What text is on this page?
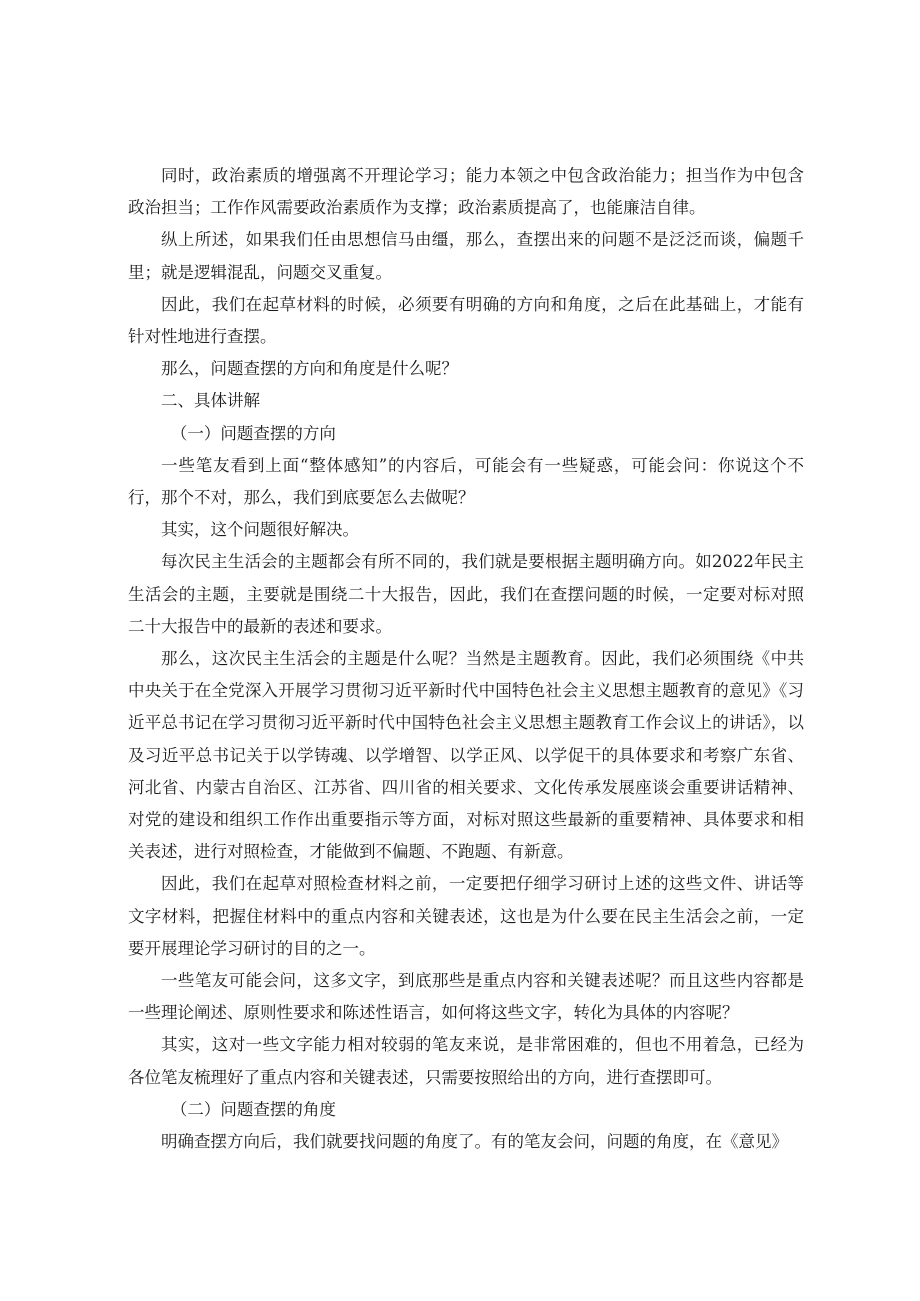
同时，政治素质的增强离不开理论学习；能力本领之中包含政治能力；担当作为中包含政治担当；工作作风需要政治素质作为支撑；政治素质提高了，也能廉洁自律。

纵上所述，如果我们任由思想信马由缰，那么，查摆出来的问题不是泛泛而谈，偏题千里；就是逻辑混乱，问题交叉重复。

因此，我们在起草材料的时候，必须要有明确的方向和角度，之后在此基础上，才能有针对性地进行查摆。

那么，问题查摆的方向和角度是什么呢？

二、具体讲解

（一）问题查摆的方向

一些笔友看到上面“整体感知”的内容后，可能会有一些疑惑，可能会问：你说这个不行，那个不对，那么，我们到底要怎么去做呢？

其实，这个问题很好解决。

每次民主生活会的主题都会有所不同的，我们就是要根据主题明确方向。如2022年民主生活会的主题，主要就是围绕二十大报告，因此，我们在查摆问题的时候，一定要对标对照二十大报告中的最新的表述和要求。

那么，这次民主生活会的主题是什么呢？当然是主题教育。因此，我们必须围绕《中共中央关于在全党深入开展学习贯彻习近平新时代中国特色社会主义思想主题教育的意见》《习近平总书记在学习贯彻习近平新时代中国特色社会主义思想主题教育工作会议上的讲话》，以及习近平总书记关于以学铸魂、以学增智、以学正风、以学促干的具体要求和考察广东省、河北省、内蒙古自治区、江苏省、四川省的相关要求、文化传承发展座谈会重要讲话精神、对党的建设和组织工作作出重要指示等方面，对标对照这些最新的重要精神、具体要求和相关表述，进行对照检查，才能做到不偏题、不跑题、有新意。

因此，我们在起草对照检查材料之前，一定要把仔细学习研讨上述的这些文件、讲话等文字材料，把握住材料中的重点内容和关键表述，这也是为什么要在民主生活会之前，一定要开展理论学习研讨的目的之一。

一些笔友可能会问，这多文字，到底那些是重点内容和关键表述呢？而且这些内容都是一些理论阐述、原则性要求和陈述性语言，如何将这些文字，转化为具体的内容呢？

其实，这对一些文字能力相对较弱的笔友来说，是非常困难的，但也不用着急，已经为各位笔友梳理好了重点内容和关键表述，只需要按照给出的方向，进行查摆即可。

（二）问题查摆的角度

明确查摆方向后，我们就要找问题的角度了。有的笔友会问，问题的角度，在《意见》
